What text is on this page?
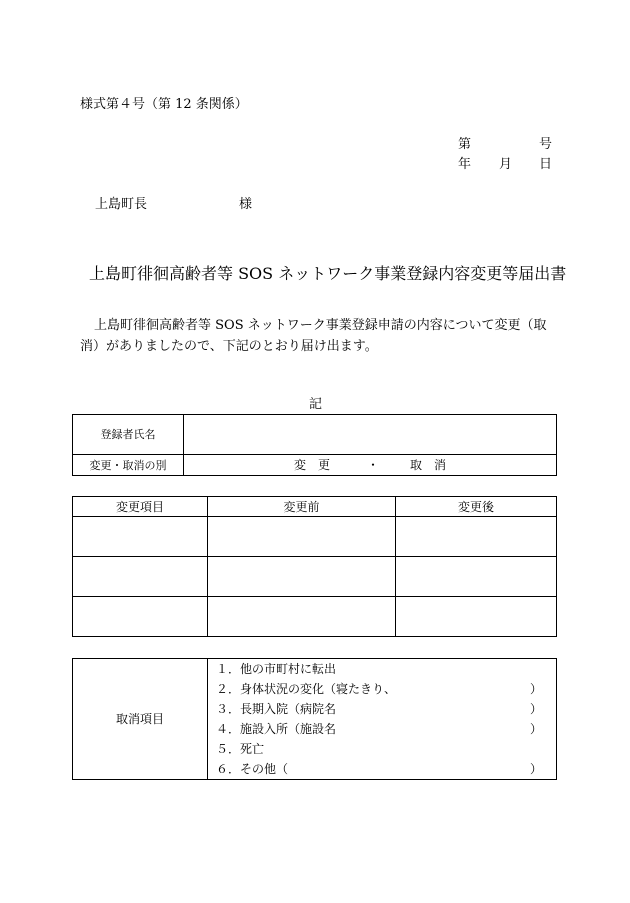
様式第４号（第 12 条関係）
第	号
年 月 日
上島町長	様
上島町徘徊高齢者等 SOS ネットワーク事業登録内容変更等届出書
上島町徘徊高齢者等 SOS ネットワーク事業登録申請の内容について変更（取
消）がありましたので、下記のとおり届け出ます。
記
登録者氏名	
変更・取消の別	変　更 ・ 取　消
変更項目	変更前	変更後

取消項目	
１．他の市町村に転出
２．身体状況の変化（寝たきり、	）
３．長期入院（病院名	）
４．施設入所（施設名	）
５．死亡
６．その他（	）
